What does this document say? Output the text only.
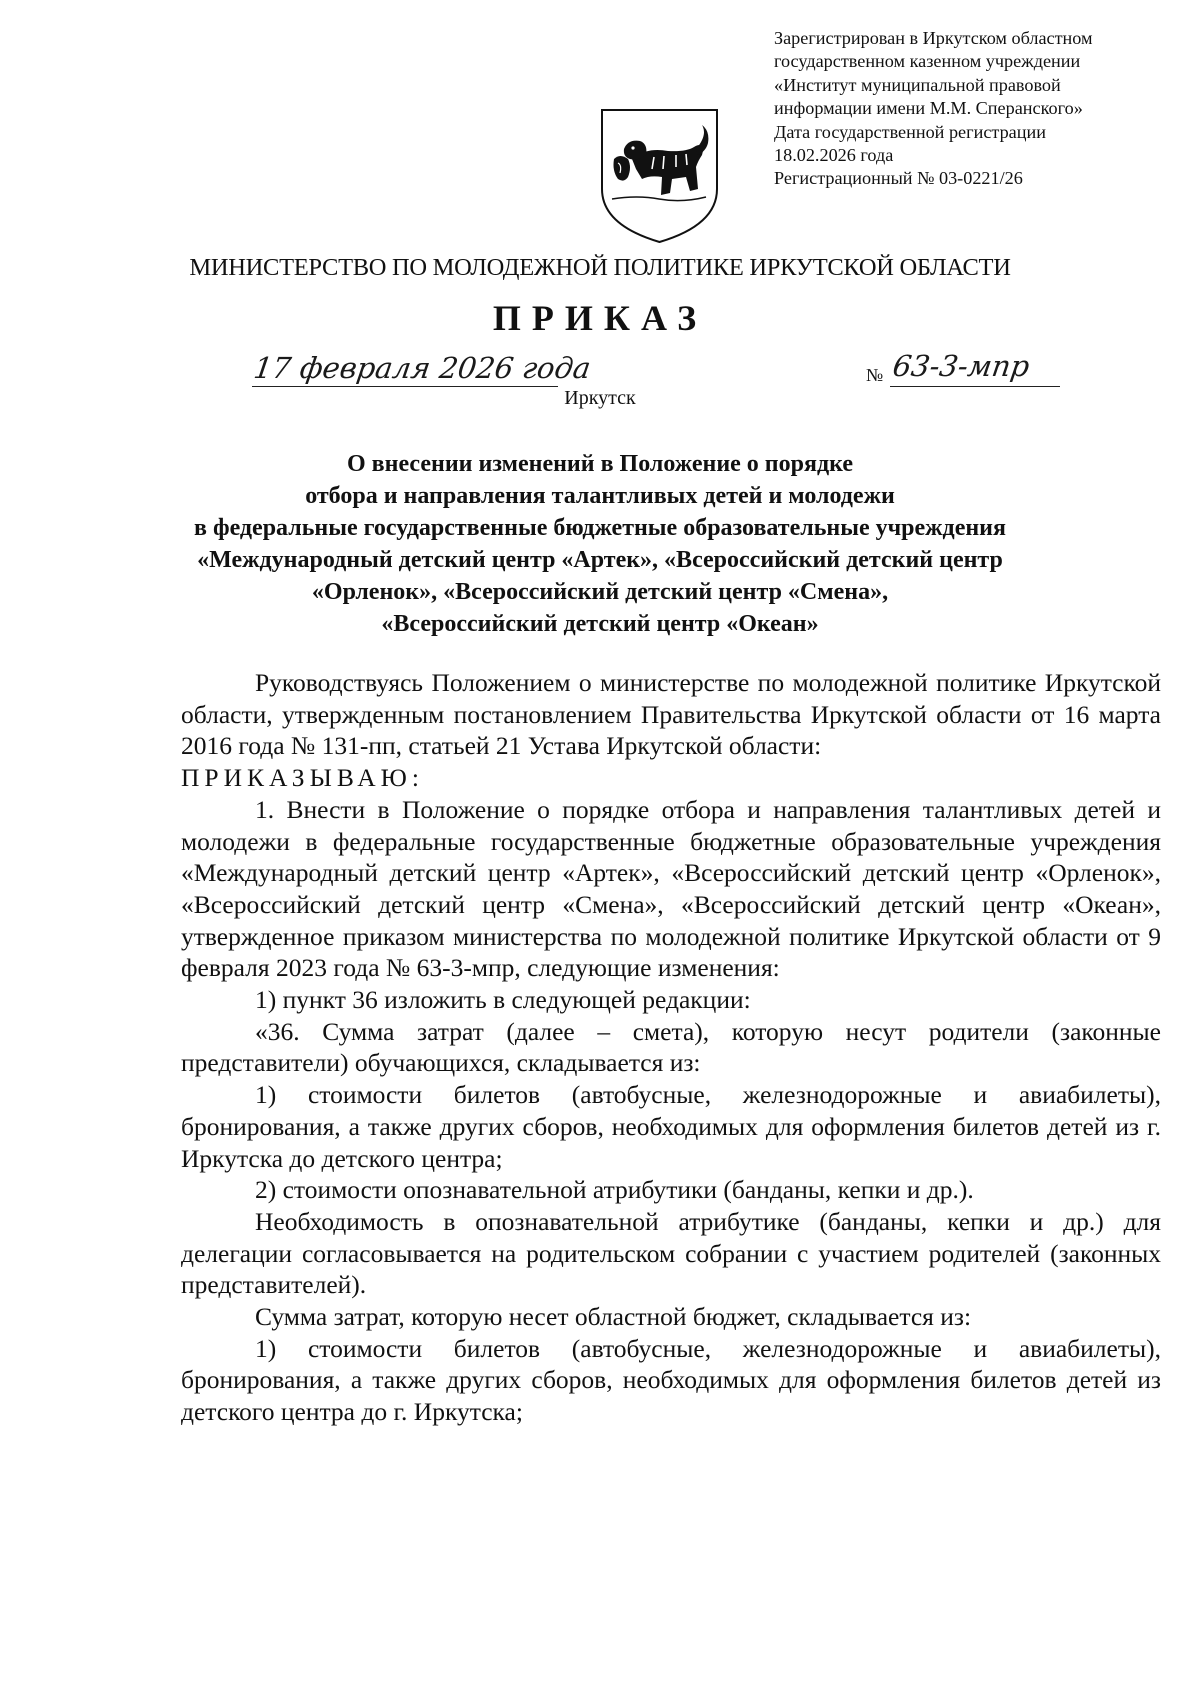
Зарегистрирован в Иркутском областном

государственном казенном учреждении

«Институт муниципальной правовой

информации имени М.М. Сперанского»

Дата государственной регистрации

18.02.2026 года

Регистрационный № 03-0221/26

МИНИСТЕРСТВО ПО МОЛОДЕЖНОЙ ПОЛИТИКЕ ИРКУТСКОЙ ОБЛАСТИ
ПРИКАЗ
17 февраля 2026 года	№ 63-3-мпр
Иркутск
О внесении изменений в Положение о порядке
отбора и направления талантливых детей и молодежи
в федеральные государственные бюджетные образовательные учреждения
«Международный детский центр «Артек», «Всероссийский детский центр
«Орленок», «Всероссийский детский центр «Смена»,
«Всероссийский детский центр «Океан»

Руководствуясь Положением о министерстве по молодежной политике Иркутской области, утвержденным постановлением Правительства Иркутской области от 16 марта 2016 года № 131-пп, статьей 21 Устава Иркутской области:

ПРИКАЗЫВАЮ:

1. Внести в Положение о порядке отбора и направления талантливых детей и молодежи в федеральные государственные бюджетные образовательные учреждения «Международный детский центр «Артек», «Всероссийский детский центр «Орленок», «Всероссийский детский центр «Смена», «Всероссийский детский центр «Океан», утвержденное приказом министерства по молодежной политике Иркутской области от 9 февраля 2023 года № 63-3-мпр, следующие изменения:

1) пункт 36 изложить в следующей редакции:

«36. Сумма затрат (далее – смета), которую несут родители (законные представители) обучающихся, складывается из:

1) стоимости билетов (автобусные, железнодорожные и авиабилеты), бронирования, а также других сборов, необходимых для оформления билетов детей из г. Иркутска до детского центра;

2) стоимости опознавательной атрибутики (банданы, кепки и др.).

Необходимость в опознавательной атрибутике (банданы, кепки и др.) для делегации согласовывается на родительском собрании с участием родителей (законных представителей).

Сумма затрат, которую несет областной бюджет, складывается из:

1) стоимости билетов (автобусные, железнодорожные и авиабилеты), бронирования, а также других сборов, необходимых для оформления билетов детей из детского центра до г. Иркутска;
